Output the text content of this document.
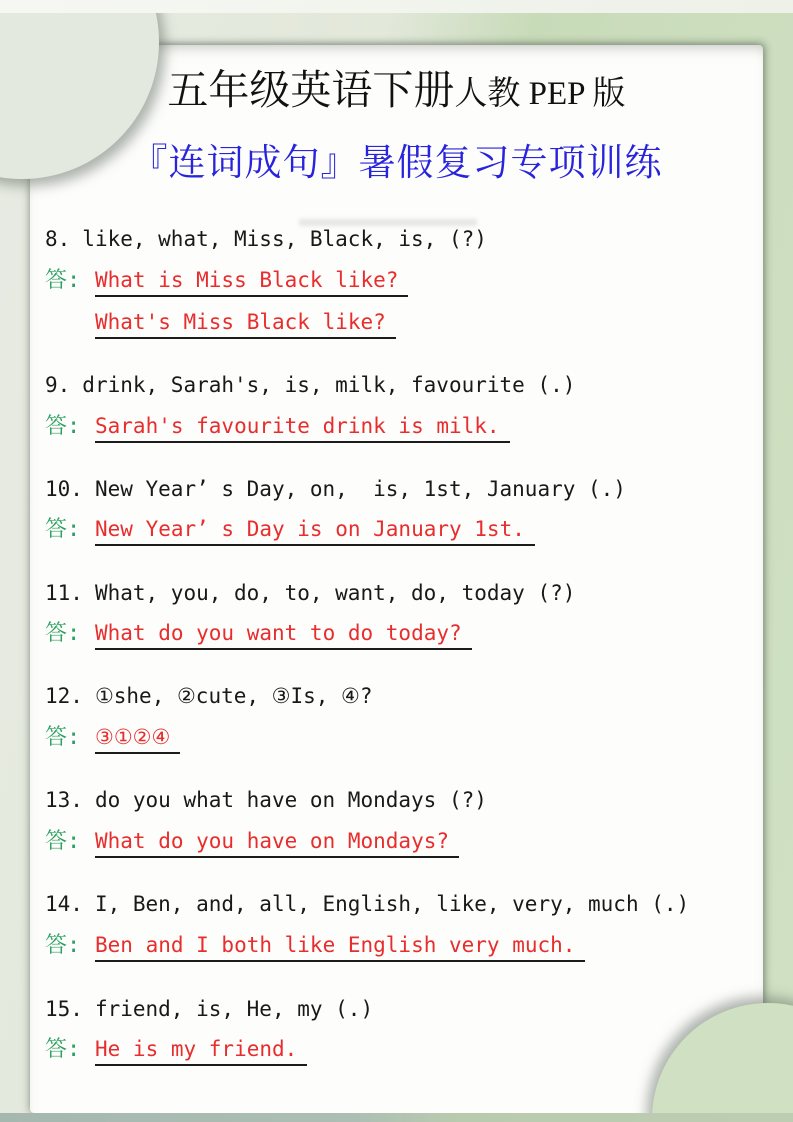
五年级英语下册人教 PEP 版
『连词成句』暑假复习专项训练
8. like, what, Miss, Black, is, (?)
答: What is Miss Black like?
What's Miss Black like?
9. drink, Sarah's, is, milk, favourite (.)
答: Sarah's favourite drink is milk.
10. New Year’ s Day, on,  is, 1st, January (.)
答: New Year’ s Day is on January 1st.
11. What, you, do, to, want, do, today (?)
答: What do you want to do today?
12. ①she, ②cute, ③Is, ④?
答: ③①②④
13. do you what have on Mondays (?)
答: What do you have on Mondays?
14. I, Ben, and, all, English, like, very, much (.)
答: Ben and I both like English very much.
15. friend, is, He, my (.)
答: He is my friend.
